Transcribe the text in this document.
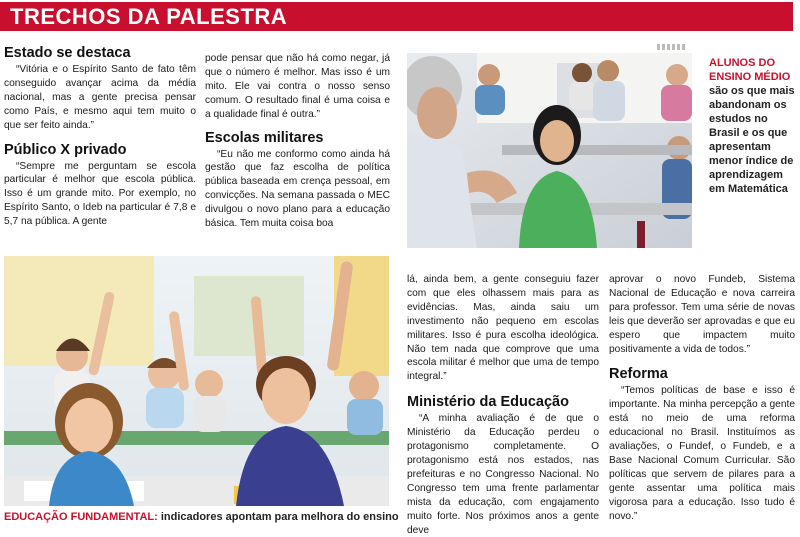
TRECHOS DA PALESTRA
Estado se destaca

“Vitória e o Espírito Santo de fato têm conseguido avançar acima da média nacional, mas a gente precisa pensar como País, e mesmo aqui tem muito o que ser feito ainda.”

Público X privado

“Sempre me perguntam se escola particular é melhor que escola pública. Isso é um grande mito. Por exemplo, no Espírito Santo, o Ideb na particular é 7,8 e 5,7 na pública. A gente

pode pensar que não há como negar, já que o número é melhor. Mas isso é um mito. Ele vai contra o nosso senso comum. O resultado final é uma coisa e a qualidade final é outra.”

Escolas militares

“Eu não me conformo como ainda há gestão que faz escolha de política pública baseada em crença pessoal, em convicções. Na semana passada o MEC divulgou o novo plano para a educação básica. Tem muita coisa boa

ALUNOS DO ENSINO MÉDIO
são os que mais abandonam os estudos no Brasil e os que apresentam menor índice de aprendizagem em Matemática
EDUCAÇÃO FUNDAMENTAL: indicadores apontam para melhora do ensino

lá, ainda bem, a gente conseguiu fazer com que eles olhassem mais para as evidências. Mas, ainda saiu um investimento não pequeno em escolas militares. Isso é pura escolha ideológica. Não tem nada que comprove que uma escola militar é melhor que uma de tempo integral.”

Ministério da Educação

“A minha avaliação é de que o Ministério da Educação perdeu o protagonismo completamente. O protagonismo está nos estados, nas prefeituras e no Congresso Nacional. No Congresso tem uma frente parlamentar mista da educação, com engajamento muito forte. Nos próximos anos a gente deve

aprovar o novo Fundeb, Sistema Nacional de Educação e nova carreira para professor. Tem uma série de novas leis que deverão ser aprovadas e que eu espero que impactem muito positivamente a vida de todos.”

Reforma

“Temos políticas de base e isso é importante. Na minha percepção a gente está no meio de uma reforma educacional no Brasil. Instituímos as avaliações, o Fundef, o Fundeb, e a Base Nacional Comum Curricular. São políticas que servem de pilares para a gente assentar uma política mais vigorosa para a educação. Isso tudo é novo.”
